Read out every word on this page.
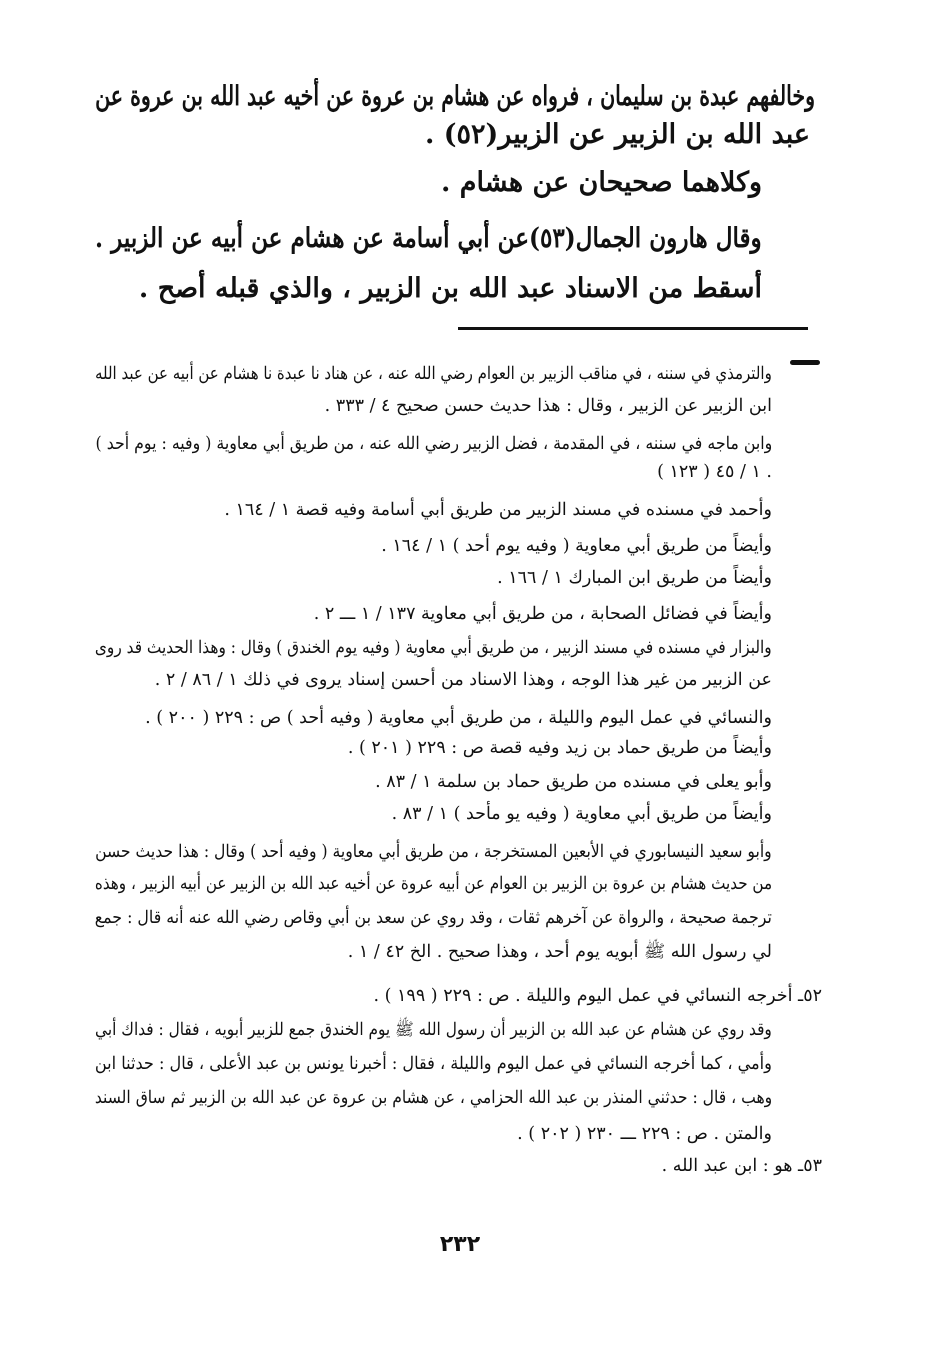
وخالفهم عبدة بن سليمان ، فرواه عن هشام بن عروة عن أخيه عبد الله بن عروة عن
عبد الله بن الزبير عن الزبير(٥٢) .
وكلاهما صحيحان عن هشام .
وقال هارون الجمال(٥٣)عن أبي أسامة عن هشام عن أبيه عن الزبير .
أسقط من الاسناد عبد الله بن الزبير ، والذي قبله أصح .
والترمذي في سننه ، في مناقب الزبير بن العوام رضي الله عنه ، عن هناد نا عبدة نا هشام عن أبيه عن عبد الله
ابن الزبير عن الزبير ، وقال : هذا حديث حسن صحيح ٤ / ٣٣٣ .
وابن ماجه في سننه ، في المقدمة ، فضل الزبير رضي الله عنه ، من طريق أبي معاوية ( وفيه : يوم أحد )
١ / ٤٥ ( ١٢٣ ) .
وأحمد في مسنده في مسند الزبير من طريق أبي أسامة وفيه قصة ١ / ١٦٤ .
وأيضاً من طريق أبي معاوية ( وفيه يوم أحد ) ١ / ١٦٤ .
وأيضاً من طريق ابن المبارك ١ / ١٦٦ .
وأيضاً في فضائل الصحابة ، من طريق أبي معاوية ١٣٧ / ١ ـــ ٢ .
والبزار في مسنده في مسند الزبير ، من طريق أبي معاوية ( وفيه يوم الخندق ) وقال : وهذا الحديث قد روى
عن الزبير من غير هذا الوجه ، وهذا الاسناد من أحسن إسناد يروى في ذلك ١ / ٨٦ / ٢ .
والنسائي في عمل اليوم والليلة ، من طريق أبي معاوية ( وفيه أحد ) ص : ٢٢٩ ( ٢٠٠ ) .
وأيضاً من طريق حماد بن زيد وفيه قصة ص : ٢٢٩ ( ٢٠١ ) .
وأبو يعلى في مسنده من طريق حماد بن سلمة ١ / ٨٣ .
وأيضاً من طريق أبي معاوية ( وفيه يو مأحد ) ١ / ٨٣ .
وأبو سعيد النيسابوري في الأبعين المستخرجة ، من طريق أبي معاوية ( وفيه أحد ) وقال : هذا حديث حسن
من حديث هشام بن عروة بن الزبير بن العوام عن أبيه عروة عن أخيه عبد الله بن الزبير عن أبيه الزبير ، وهذه
ترجمة صحيحة ، والرواة عن آخرهم ثقات ، وقد روي عن سعد بن أبي وقاص رضي الله عنه أنه قال : جمع
لي رسول الله ﷺ أبويه يوم أحد ، وهذا صحيح . الخ ٤٢ / ١ .
٥٢ـ أخرجه النسائي في عمل اليوم والليلة . ص : ٢٢٩ ( ١٩٩ ) .
وقد روي عن هشام عن عبد الله بن الزبير أن رسول الله ﷺ يوم الخندق جمع للزبير أبويه ، فقال : فداك أبي
وأمي ، كما أخرجه النسائي في عمل اليوم والليلة ، فقال : أخبرنا يونس بن عبد الأعلى ، قال : حدثنا ابن
وهب ، قال : حدثني المنذر بن عبد الله الحزامي ، عن هشام بن عروة عن عبد الله بن الزبير ثم ساق السند
والمتن . ص : ٢٢٩ ـــ ٢٣٠ ( ٢٠٢ ) .
٥٣ـ هو : ابن عبد الله .
٢٣٢
